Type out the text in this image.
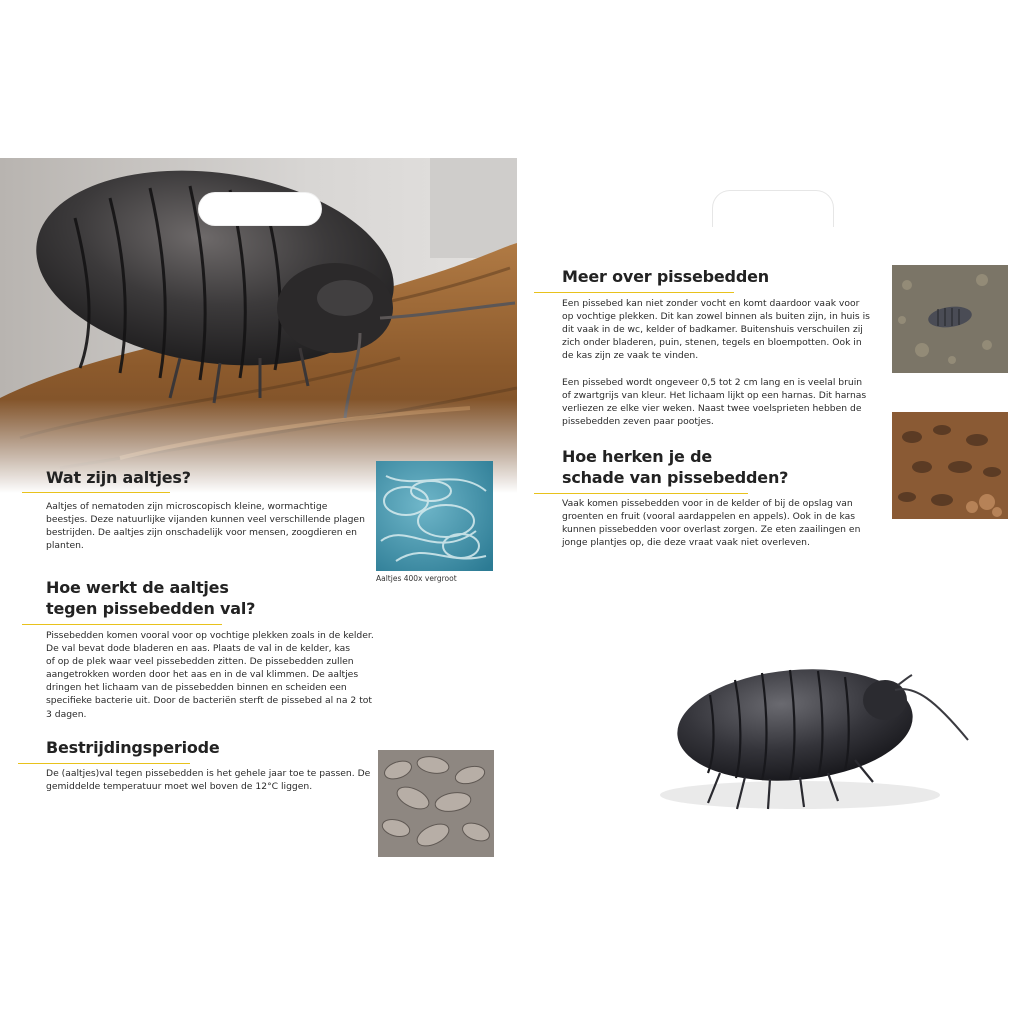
Wat zijn aaltjes?

Aaltjes of nematoden zijn microscopisch kleine, wormachtige
beestjes. Deze natuurlijke vijanden kunnen veel verschillende plagen
bestrijden. De aaltjes zijn onschadelijk voor mensen, zoogdieren en
planten.

Aaltjes 400x vergroot
Hoe werkt de aaltjes
tegen pissebedden val?

Pissebedden komen vooral voor op vochtige plekken zoals in de kelder.
De val bevat dode bladeren en aas. Plaats de val in de kelder, kas
of op de plek waar veel pissebedden zitten. De pissebedden zullen
aangetrokken worden door het aas en in de val klimmen. De aaltjes
dringen het lichaam van de pissebedden binnen en scheiden een
specifieke bacterie uit. Door de bacteriën sterft de pissebed al na 2 tot
3 dagen.

Bestrijdingsperiode

De (aaltjes)val tegen pissebedden is het gehele jaar toe te passen. De
gemiddelde temperatuur moet wel boven de 12°C liggen.

Meer over pissebedden

Een pissebed kan niet zonder vocht en komt daardoor vaak voor
op vochtige plekken. Dit kan zowel binnen als buiten zijn, in huis is
dit vaak in de wc, kelder of badkamer. Buitenshuis verschuilen zij
zich onder bladeren, puin, stenen, tegels en bloempotten. Ook in
de kas zijn ze vaak te vinden.

Een pissebed wordt ongeveer 0,5 tot 2 cm lang en is veelal bruin
of zwartgrijs van kleur. Het lichaam lijkt op een harnas. Dit harnas
verliezen ze elke vier weken. Naast twee voelsprieten hebben de
pissebedden zeven paar pootjes.

Hoe herken je de
schade van pissebedden?

Vaak komen pissebedden voor in de kelder of bij de opslag van
groenten en fruit (vooral aardappelen en appels). Ook in de kas
kunnen pissebedden voor overlast zorgen. Ze eten zaailingen en
jonge plantjes op, die deze vraat vaak niet overleven.
